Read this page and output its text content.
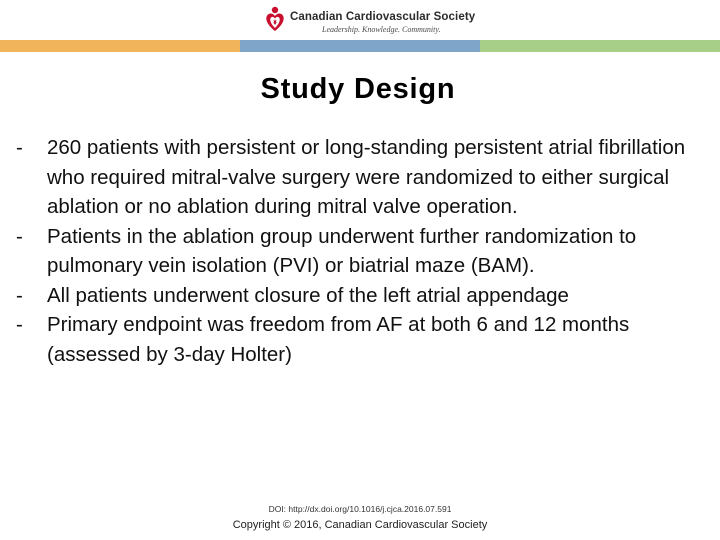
Canadian Cardiovascular Society
Leadership. Knowledge. Community.
Study Design
-	260 patients with persistent or long-standing persistent atrial fibrillation who required mitral-valve surgery were randomized to either surgical ablation or no ablation during mitral valve operation.
-	Patients in the ablation group underwent further randomization to pulmonary vein isolation (PVI) or biatrial maze (BAM).
-	All patients underwent closure of the left atrial appendage
-	Primary endpoint was freedom from AF at both 6 and 12 months (assessed by 3-day Holter)
DOI: http://dx.doi.org/10.1016/j.cjca.2016.07.591
Copyright © 2016, Canadian Cardiovascular Society
